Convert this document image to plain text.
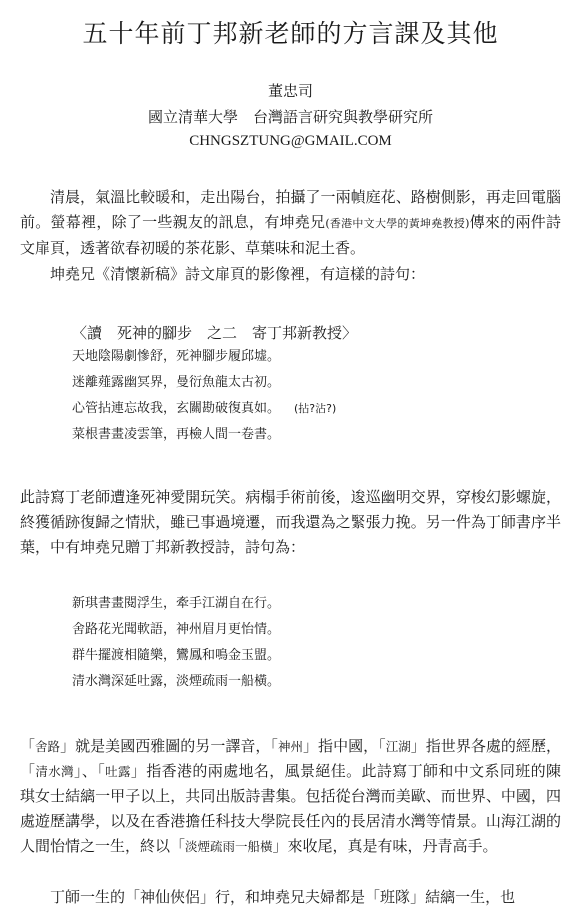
五十年前丁邦新老師的方言課及其他
董忠司
國立清華大學　台灣語言研究與教學研究所
CHNGSZTUNG@GMAIL.COM
清晨，氣溫比較暖和，走出陽台，拍攝了一兩幀庭花、路樹側影，再走回電腦前。螢幕裡，除了一些親友的訊息，有坤堯兄(香港中文大學的黃坤堯教授)傳來的兩件詩文扉頁，透著欲春初暖的茶花影、草葉味和泥土香。
坤堯兄《清懷新稿》詩文扉頁的影像裡，有這樣的詩句：
〈讀　死神的腳步　之二　寄丁邦新教授〉
天地陰陽劇慘舒，死神腳步履邱墟。
迷離薤露幽冥界，曼衍魚龍太古初。
心管拈連忘故我，玄關勘破復真如。 (拈?沾?)
菜根書畫凌雲筆，再檢人間一卷書。
此詩寫丁老師遭逢死神愛開玩笑。病榻手術前後，逡巡幽明交界，穿梭幻影螺旋，終獲循跡復歸之情狀，雖已事過境遷，而我還為之緊張力挽。另一件為丁師書序半葉，中有坤堯兄贈丁邦新教授詩，詩句為：
新琪書畫閱浮生，牽手江湖自在行。
舍路花光聞軟語，神州眉月更怡情。
群牛擺渡相隨樂，鸞鳳和鳴金玉盟。
清水灣深延吐露，淡煙疏雨一船橫。
「舍路」就是美國西雅圖的另一譯音，「神州」指中國，「江湖」指世界各處的經歷，「清水灣」、「吐露」指香港的兩處地名，風景絕佳。此詩寫丁師和中文系同班的陳琪女士結縭一甲子以上，共同出版詩書集。包括從台灣而美歐、而世界、中國，四處遊歷講學，以及在香港擔任科技大學院長任內的長居清水灣等情景。山海江湖的人間怡情之一生，終以「淡煙疏雨一船橫」來收尾，真是有味，丹青高手。
丁師一生的「神仙俠侶」行，和坤堯兄夫婦都是「班隊」結縭一生，也
